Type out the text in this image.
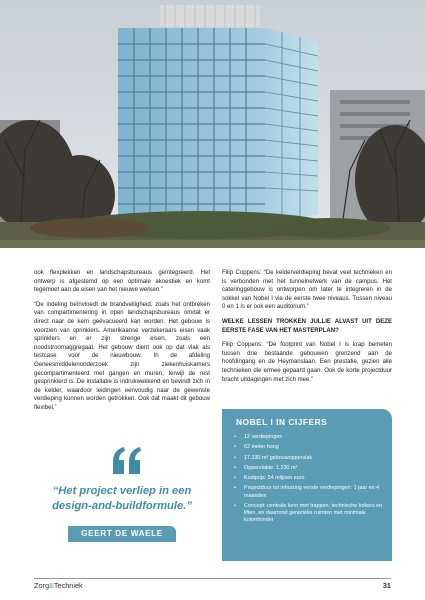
ook flexplekken en landschapsbureaus geïntegreerd. Het ontwerp is afgestemd op een optimale akoestiek en komt tegemoet aan de eisen van het nieuwe werken.”

“De indeling beïnvloedt de brandveiligheid, zoals het ontbreken van compartimentering in open landschapsbureaus omdat er direct naar de kern geëvacueerd kan worden. Het gebouw is voorzien van sprinklers. Amerikaanse verzekeraars eisen vaak sprinklers en er zijn strenge eisen, zoals een noodstroomaggregaat. Het gebouw dient ook op dat vlak als testcase voor de nieuwbouw. In de afdeling Geneesmiddelenonderzoek zijn ziekenhuiskamers gecompartimenteerd met gangen en muren, terwijl de rest gesprinklerd is. De installatie is indrukwekkend en bevindt zich in de kelder, waardoor leidingen eenvoudig naar de gewenste verdieping kunnen worden getrokken. Ook dat maakt dit gebouw flexibel.”

Filip Coppens: “De kelderverdieping bevat veel technieken en is verbonden met het tunnelnetwerk van de campus. Het cateringgebouw is ontworpen om later te integreren in de sokkel van Nobel I via de eerste twee niveaus. Tussen niveau 0 en 1 is er ook een auditorium.”

WELKE LESSEN TROKKEN JULLIE ALVAST UIT DEZE EERSTE FASE VAN HET MASTERPLAN?

Filip Coppens: “De footprint van Nobel I is krap bemeten tussen drie bestaande gebouwen grenzend aan de hoofdingang en de Heymanslaan. Een prestatie, gezien alle technieken die ermee gepaard gaan. Ook de korte projectduur bracht uitdagingen met zich mee.”

“Het project verliep in een design-and-buildformule.”
GEERT DE WAELE
NOBEL I IN CIJFERS
• 12 verdiepingen
• 62 meter hoog
• 17.230 m² gebouwoppervlak
• Oppervlakte: 1.230 m²
• Kostprijs: 54 miljoen euro
• Projectduur tot inhuizing eerste verdiepingen: 1 jaar en 4 maanden
• Concept: centrale kern met trappen, technische kokers en liften, en daarrond generieke ruimten met minimale kolomhinder
Zorg&Techniek	31
